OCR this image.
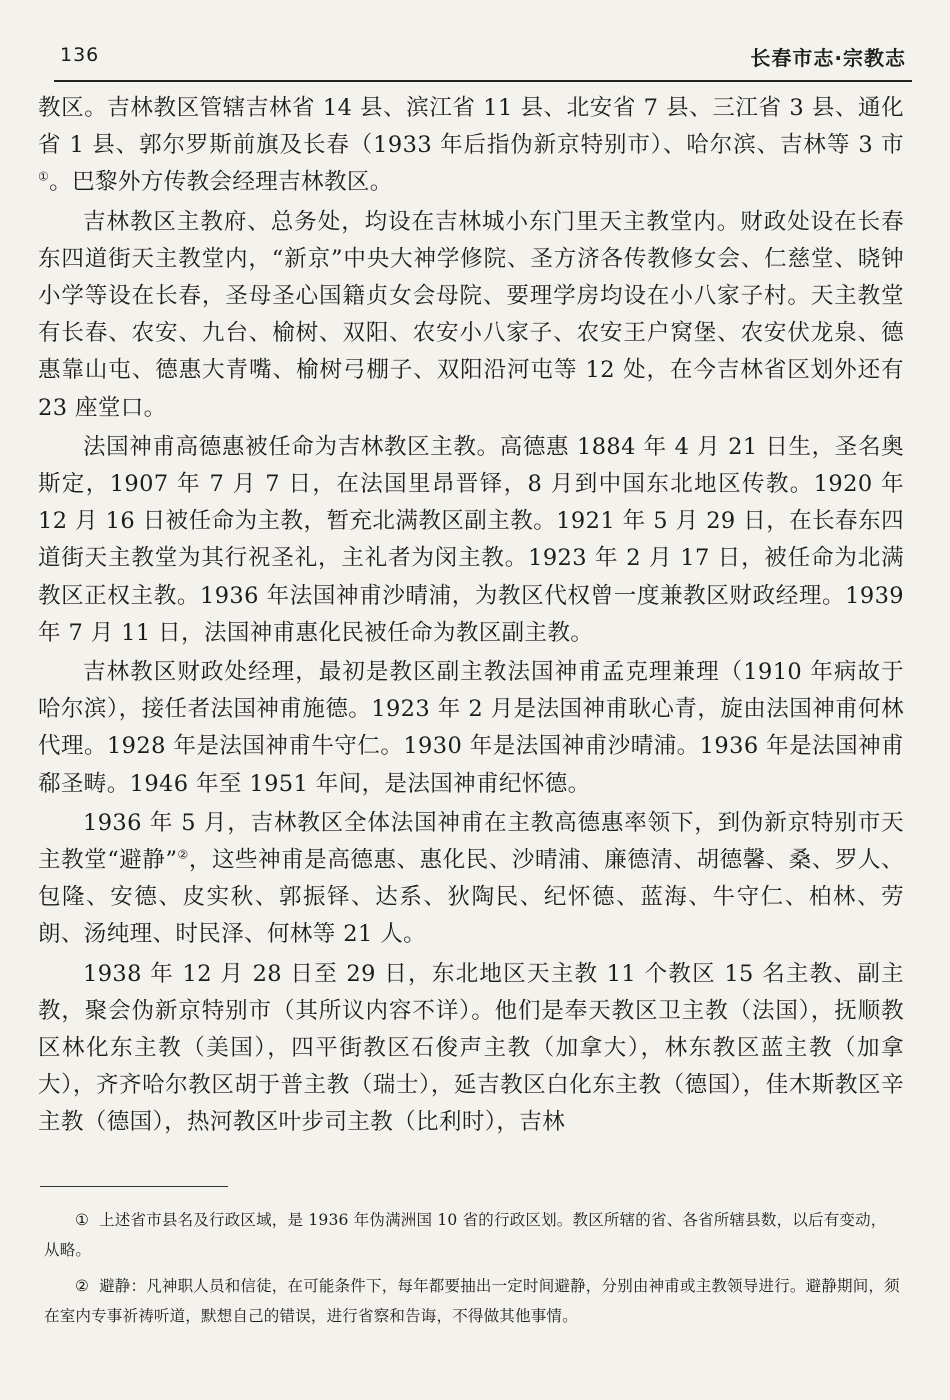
136	长春市志·宗教志

教区。吉林教区管辖吉林省 14 县、滨江省 11 县、北安省 7 县、三江省 3 县、通化省 1 县、郭尔罗斯前旗及长春（1933 年后指伪新京特别市）、哈尔滨、吉林等 3 市①。巴黎外方传教会经理吉林教区。

吉林教区主教府、总务处，均设在吉林城小东门里天主教堂内。财政处设在长春东四道街天主教堂内，“新京”中央大神学修院、圣方济各传教修女会、仁慈堂、晓钟小学等设在长春，圣母圣心国籍贞女会母院、要理学房均设在小八家子村。天主教堂有长春、农安、九台、榆树、双阳、农安小八家子、农安王户窝堡、农安伏龙泉、德惠靠山屯、德惠大青嘴、榆树弓棚子、双阳沿河屯等 12 处，在今吉林省区划外还有 23 座堂口。

法国神甫高德惠被任命为吉林教区主教。高德惠 1884 年 4 月 21 日生，圣名奥斯定，1907 年 7 月 7 日，在法国里昂晋铎，8 月到中国东北地区传教。1920 年 12 月 16 日被任命为主教，暂充北满教区副主教。1921 年 5 月 29 日，在长春东四道街天主教堂为其行祝圣礼，主礼者为闵主教。1923 年 2 月 17 日，被任命为北满教区正权主教。1936 年法国神甫沙晴浦，为教区代权曾一度兼教区财政经理。1939 年 7 月 11 日，法国神甫惠化民被任命为教区副主教。

吉林教区财政处经理，最初是教区副主教法国神甫孟克理兼理（1910 年病故于哈尔滨），接任者法国神甫施德。1923 年 2 月是法国神甫耿心青，旋由法国神甫何林代理。1928 年是法国神甫牛守仁。1930 年是法国神甫沙晴浦。1936 年是法国神甫郗圣畴。1946 年至 1951 年间，是法国神甫纪怀德。

1936 年 5 月，吉林教区全体法国神甫在主教高德惠率领下，到伪新京特别市天主教堂“避静”②，这些神甫是高德惠、惠化民、沙晴浦、廉德清、胡德馨、桑、罗人、包隆、安德、皮实秋、郭振铎、达系、狄陶民、纪怀德、蓝海、牛守仁、柏林、劳朗、汤纯理、时民泽、何林等 21 人。

1938 年 12 月 28 日至 29 日，东北地区天主教 11 个教区 15 名主教、副主教，聚会伪新京特别市（其所议内容不详）。他们是奉天教区卫主教（法国），抚顺教区林化东主教（美国），四平街教区石俊声主教（加拿大），林东教区蓝主教（加拿大），齐齐哈尔教区胡于普主教（瑞士），延吉教区白化东主教（德国），佳木斯教区辛主教（德国），热河教区叶步司主教（比利时），吉林

① 上述省市县名及行政区域，是 1936 年伪满洲国 10 省的行政区划。教区所辖的省、各省所辖县数，以后有变动，从略。

② 避静：凡神职人员和信徒，在可能条件下，每年都要抽出一定时间避静，分别由神甫或主教领导进行。避静期间，须在室内专事祈祷听道，默想自己的错误，进行省察和告诲，不得做其他事情。
